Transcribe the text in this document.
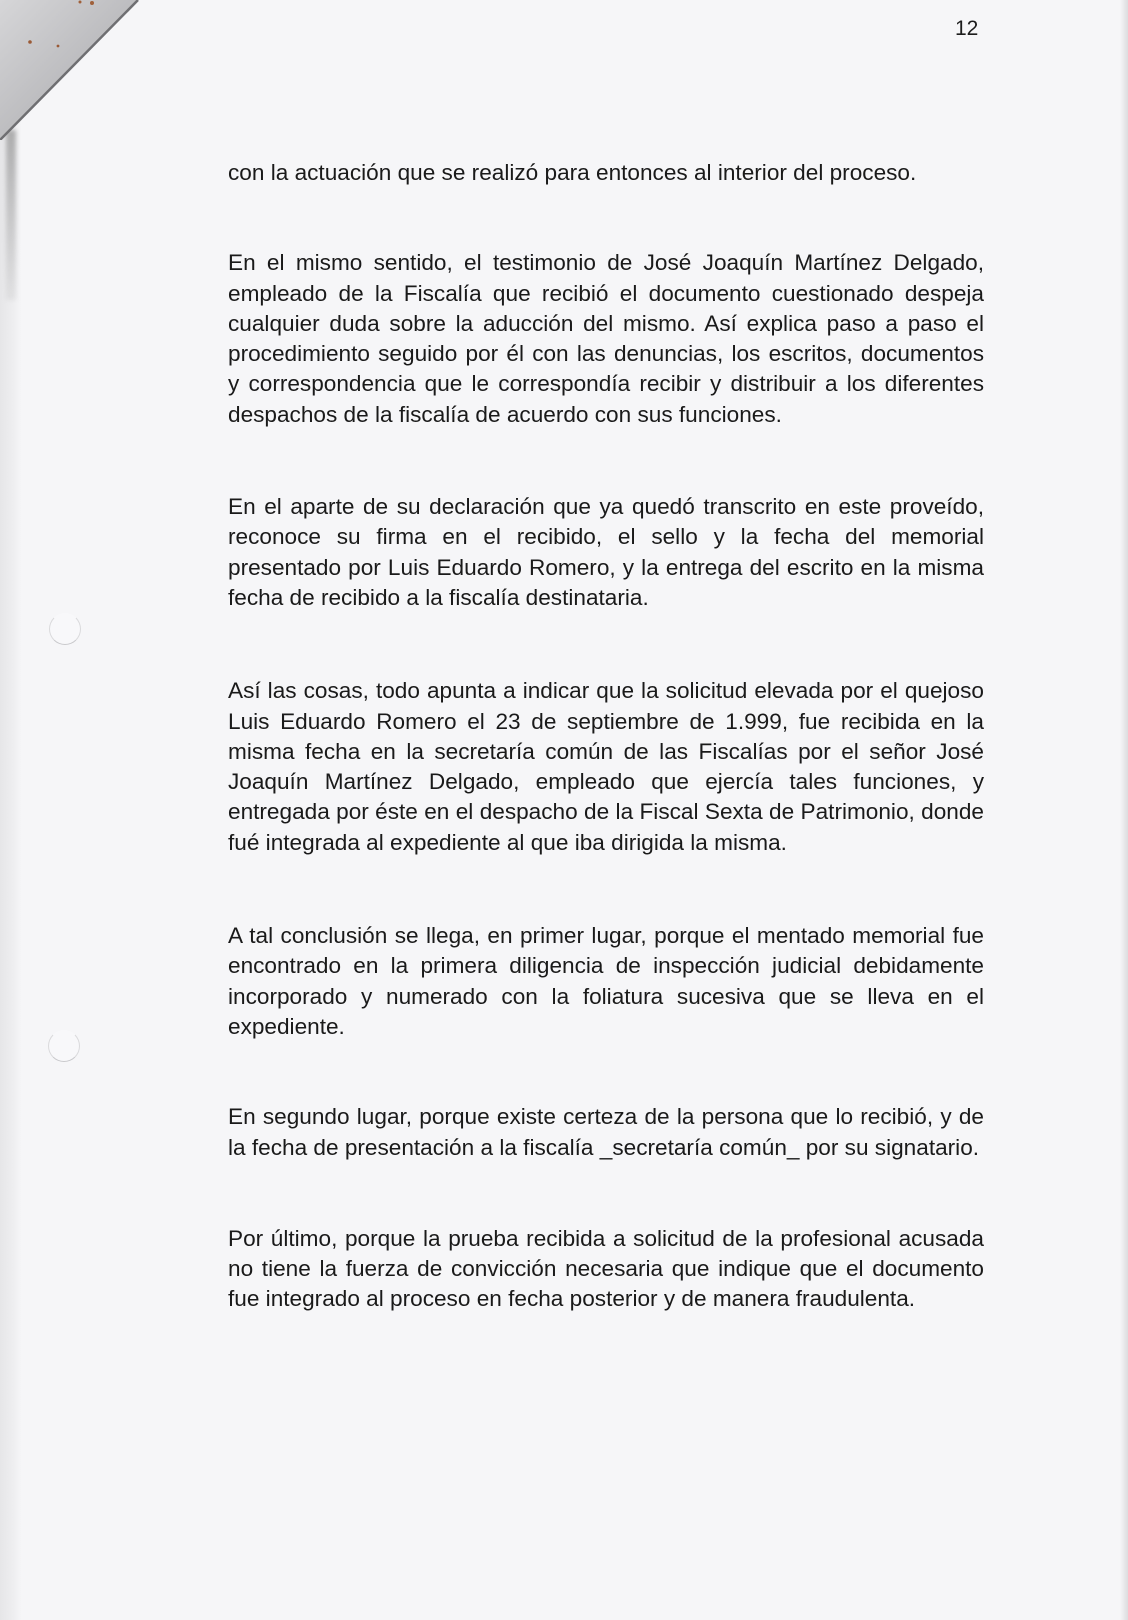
12

con la actuación que se realizó para entonces al interior del proceso.

En el mismo sentido, el testimonio de José Joaquín Martínez Delgado, empleado de la Fiscalía que recibió el documento cuestionado despeja cualquier duda sobre la aducción del mismo. Así explica paso a paso el procedimiento seguido por él con las denuncias, los escritos, documentos y correspondencia que le correspondía recibir y distribuir a los diferentes despachos de la fiscalía de acuerdo con sus funciones.

En el aparte de su declaración que ya quedó transcrito en este proveído, reconoce su firma en el recibido, el sello y la fecha del memorial presentado por Luis Eduardo Romero, y la entrega del escrito en la misma fecha de recibido a la fiscalía destinataria.

Así las cosas, todo apunta a indicar que la solicitud elevada por el quejoso Luis Eduardo Romero el 23 de septiembre de 1.999, fue recibida en la misma fecha en la secretaría común de las Fiscalías por el señor José Joaquín Martínez Delgado, empleado que ejercía tales funciones, y entregada por éste en el despacho de la Fiscal Sexta de Patrimonio, donde fué integrada al expediente al que iba dirigida la misma.

A tal conclusión se llega, en primer lugar, porque el mentado memorial fue encontrado en la primera diligencia de inspección judicial debidamente incorporado y numerado con la foliatura sucesiva que se lleva en el expediente.

En segundo lugar, porque existe certeza de la persona que lo recibió, y de la fecha de presentación a la fiscalía _secretaría común_ por su signatario.

Por último, porque la prueba recibida a solicitud de la profesional acusada no tiene la fuerza de convicción necesaria que indique que el documento fue integrado al proceso en fecha posterior y de manera fraudulenta.
